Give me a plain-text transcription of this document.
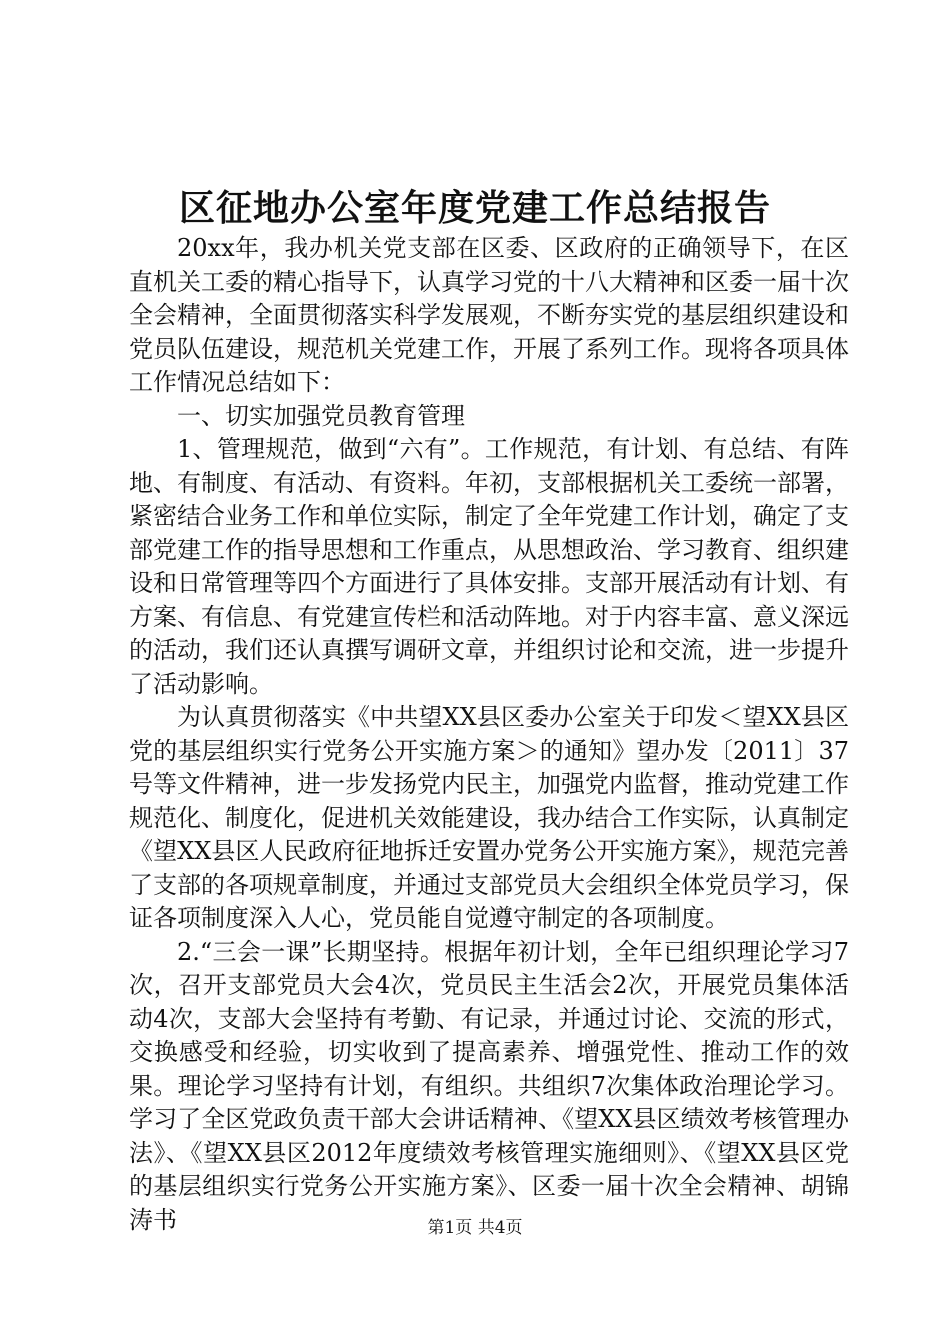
区征地办公室年度党建工作总结报告

20xx年，我办机关党支部在区委、区政府的正确领导下，在区直机关工委的精心指导下，认真学习党的十八大精神和区委一届十次全会精神，全面贯彻落实科学发展观，不断夯实党的基层组织建设和党员队伍建设，规范机关党建工作，开展了系列工作。现将各项具体工作情况总结如下：

一、切实加强党员教育管理

1、管理规范，做到“六有”。工作规范，有计划、有总结、有阵地、有制度、有活动、有资料。年初，支部根据机关工委统一部署，紧密结合业务工作和单位实际，制定了全年党建工作计划，确定了支部党建工作的指导思想和工作重点，从思想政治、学习教育、组织建设和日常管理等四个方面进行了具体安排。支部开展活动有计划、有方案、有信息、有党建宣传栏和活动阵地。对于内容丰富、意义深远的活动，我们还认真撰写调研文章，并组织讨论和交流，进一步提升了活动影响。

为认真贯彻落实《中共望XX县区委办公室关于印发＜望XX县区党的基层组织实行党务公开实施方案＞的通知》望办发〔2011〕37号等文件精神，进一步发扬党内民主，加强党内监督，推动党建工作规范化、制度化，促进机关效能建设，我办结合工作实际，认真制定《望XX县区人民政府征地拆迁安置办党务公开实施方案》，规范完善了支部的各项规章制度，并通过支部党员大会组织全体党员学习，保证各项制度深入人心，党员能自觉遵守制定的各项制度。

2.“三会一课”长期坚持。根据年初计划，全年已组织理论学习7次，召开支部党员大会4次，党员民主生活会2次，开展党员集体活动4次，支部大会坚持有考勤、有记录，并通过讨论、交流的形式，交换感受和经验，切实收到了提高素养、增强党性、推动工作的效果。理论学习坚持有计划，有组织。共组织7次集体政治理论学习。学习了全区党政负责干部大会讲话精神、《望XX县区绩效考核管理办法》、《望XX县区2012年度绩效考核管理实施细则》、《望XX县区党的基层组织实行党务公开实施方案》、区委一届十次全会精神、胡锦涛书	第1页 共4页
